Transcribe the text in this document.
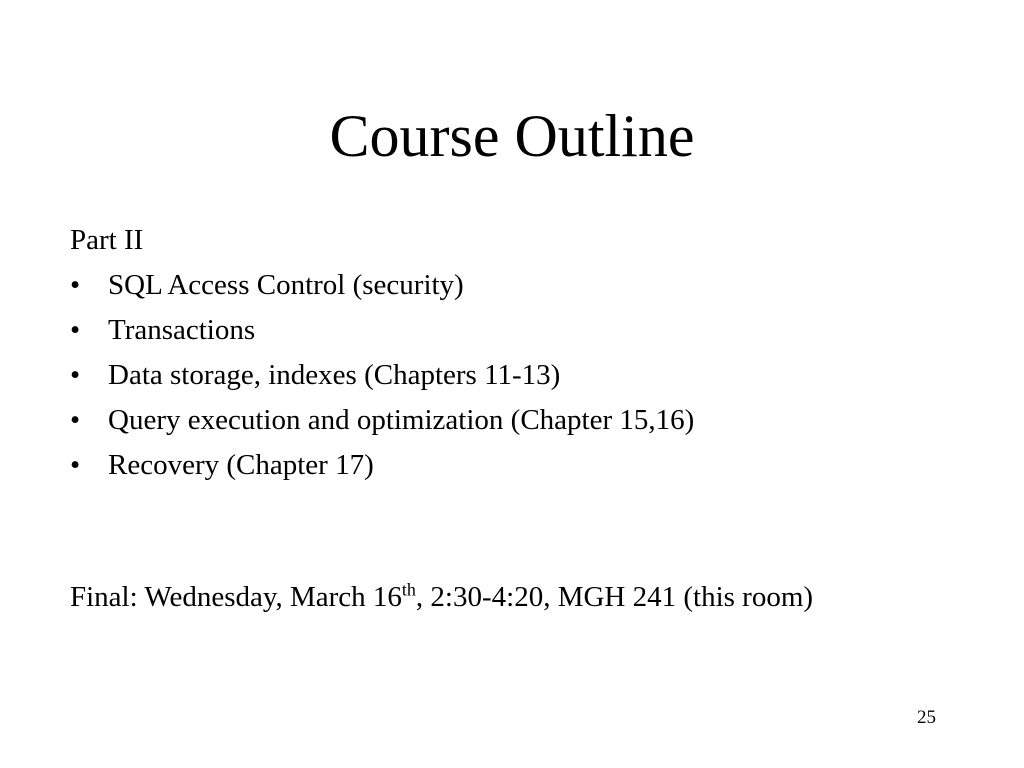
Course Outline

Part II

• SQL Access Control (security)
• Transactions
• Data storage, indexes (Chapters 11-13)
• Query execution and optimization (Chapter 15,16)
• Recovery (Chapter 17)
Final: Wednesday, March 16th, 2:30-4:20, MGH 241 (this room)
25
